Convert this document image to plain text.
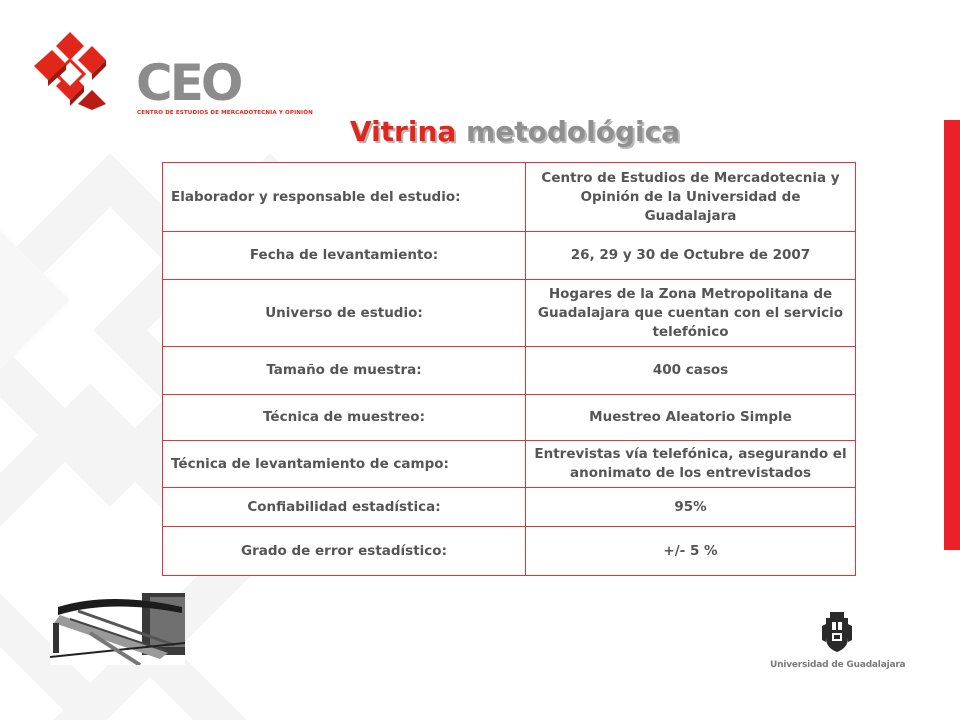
CEO
CENTRO DE ESTUDIOS DE MERCADOTECNIA Y OPINIÓN
Vitrina metodológica
Elaborador y responsable del estudio:	Centro de Estudios de Mercadotecnia y Opinión de la Universidad de Guadalajara
Fecha de levantamiento:	26, 29 y 30 de Octubre de 2007
Universo de estudio:	Hogares de la Zona Metropolitana de Guadalajara que cuentan con el servicio telefónico
Tamaño de muestra:	400 casos
Técnica de muestreo:	Muestreo Aleatorio Simple
Técnica de levantamiento de campo:	Entrevistas vía telefónica, asegurando el anonimato de los entrevistados
Confiabilidad estadística:	95%
Grado de error estadístico:	+/- 5 %
Universidad de Guadalajara
